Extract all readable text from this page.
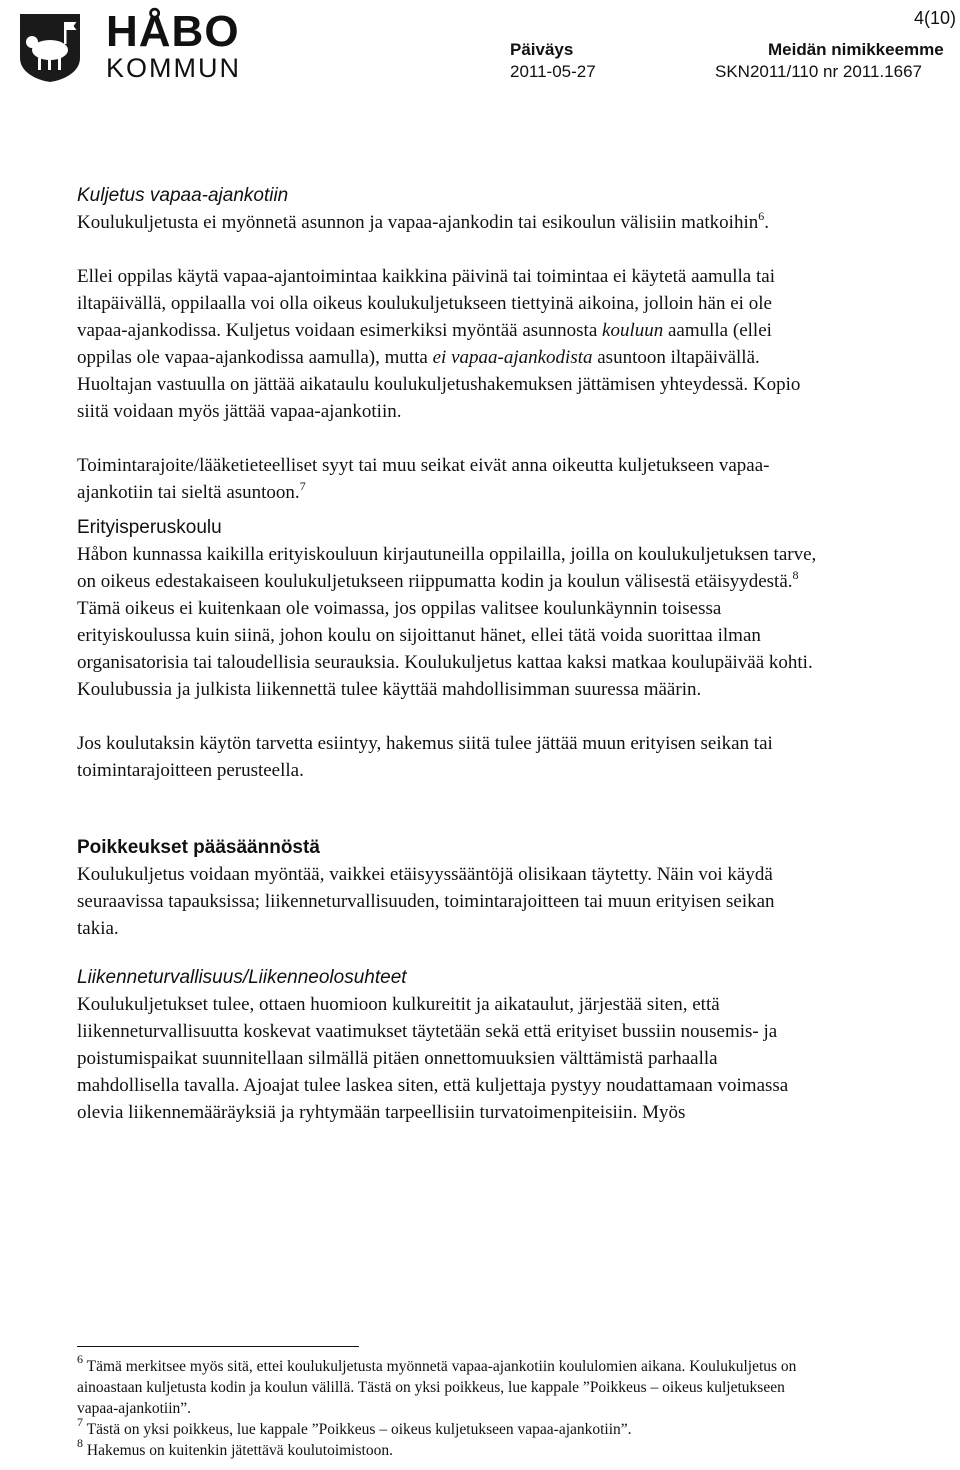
HÅBO
KOMMUN
4(10)
Päiväys
2011-05-27
Meidän nimikkeemme
SKN2011/110 nr 2011.1667

Kuljetus vapaa-ajankotiin

Koulukuljetusta ei myönnetä asunnon ja vapaa-ajankodin tai esikoulun välisiin matkoihin$^6$.

Ellei oppilas käytä vapaa-ajantoimintaa kaikkina päivinä tai toimintaa ei käytetä aamulla tai iltapäivällä, oppilaalla voi olla oikeus koulukuljetukseen tiettyinä aikoina, jolloin hän ei ole vapaa-ajankodissa. Kuljetus voidaan esimerkiksi myöntää asunnosta kouluun aamulla (ellei oppilas ole vapaa-ajankodissa aamulla), mutta ei vapaa-ajankodista asuntoon iltapäivällä. Huoltajan vastuulla on jättää aikataulu koulukuljetushakemuksen jättämisen yhteydessä. Kopio siitä voidaan myös jättää vapaa-ajankotiin.

Toimintarajoite/lääketieteelliset syyt tai muu seikat eivät anna oikeutta kuljetukseen vapaa-ajankotiin tai sieltä asuntoon.$^7$

Erityisperuskoulu

Håbon kunnassa kaikilla erityiskouluun kirjautuneilla oppilailla, joilla on koulukuljetuksen tarve, on oikeus edestakaiseen koulukuljetukseen riippumatta kodin ja koulun välisestä etäisyydestä.$^8$ Tämä oikeus ei kuitenkaan ole voimassa, jos oppilas valitsee koulunkäynnin toisessa erityiskoulussa kuin siinä, johon koulu on sijoittanut hänet, ellei tätä voida suorittaa ilman organisatorisia tai taloudellisia seurauksia. Koulukuljetus kattaa kaksi matkaa koulupäivää kohti. Koulubussia ja julkista liikennettä tulee käyttää mahdollisimman suuressa määrin.

Jos koulutaksin käytön tarvetta esiintyy, hakemus siitä tulee jättää muun erityisen seikan tai toimintarajoitteen perusteella.

Poikkeukset pääsäännöstä

Koulukuljetus voidaan myöntää, vaikkei etäisyyssääntöjä olisikaan täytetty. Näin voi käydä seuraavissa tapauksissa; liikenneturvallisuuden, toimintarajoitteen tai muun erityisen seikan takia.

Liikenneturvallisuus/Liikenneolosuhteet

Koulukuljetukset tulee, ottaen huomioon kulkureitit ja aikataulut, järjestää siten, että liikenneturvallisuutta koskevat vaatimukset täytetään sekä että erityiset bussiin nousemis- ja poistumispaikat suunnitellaan silmällä pitäen onnettomuuksien välttämistä parhaalla mahdollisella tavalla. Ajoajat tulee laskea siten, että kuljettaja pystyy noudattamaan voimassa olevia liikennemääräyksiä ja ryhtymään tarpeellisiin turvatoimenpiteisiin. Myös

$^6$ Tämä merkitsee myös sitä, ettei koulukuljetusta myönnetä vapaa-ajankotiin koululomien aikana. Koulukuljetus on ainoastaan kuljetusta kodin ja koulun välillä. Tästä on yksi poikkeus, lue kappale ”Poikkeus – oikeus kuljetukseen vapaa-ajankotiin”.

$^7$ Tästä on yksi poikkeus, lue kappale ”Poikkeus – oikeus kuljetukseen vapaa-ajankotiin”.

$^8$ Hakemus on kuitenkin jätettävä koulutoimistoon.
